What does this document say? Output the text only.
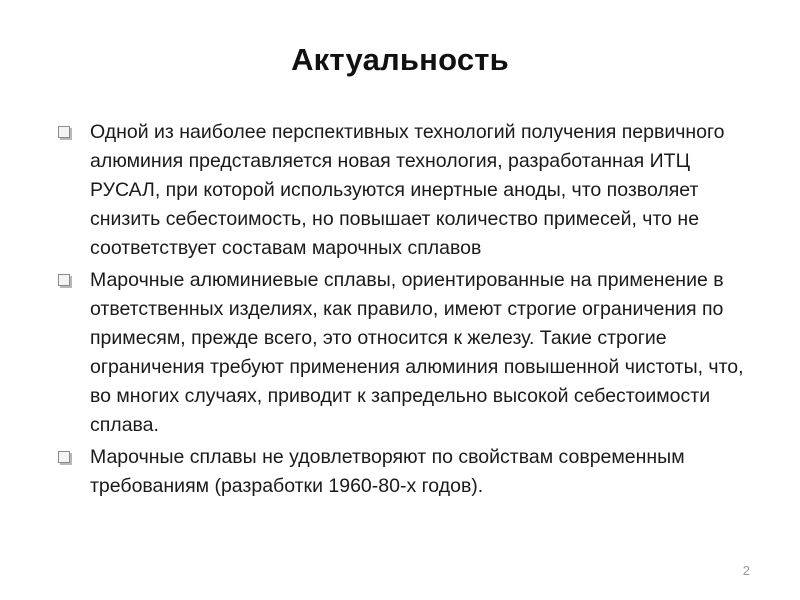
Актуальность
Одной из наиболее перспективных технологий получения первичного алюминия представляется новая технология, разработанная ИТЦ РУСАЛ, при которой используются инертные аноды, что позволяет снизить себестоимость, но повышает количество примесей, что не соответствует составам марочных сплавов
Марочные алюминиевые сплавы, ориентированные на применение в ответственных изделиях, как правило, имеют строгие ограничения по примесям, прежде всего, это относится к железу. Такие строгие ограничения требуют применения алюминия повышенной чистоты, что, во многих случаях, приводит к запредельно высокой себестоимости сплава.
Марочные сплавы не удовлетворяют по свойствам современным требованиям (разработки 1960-80-х годов).
2
